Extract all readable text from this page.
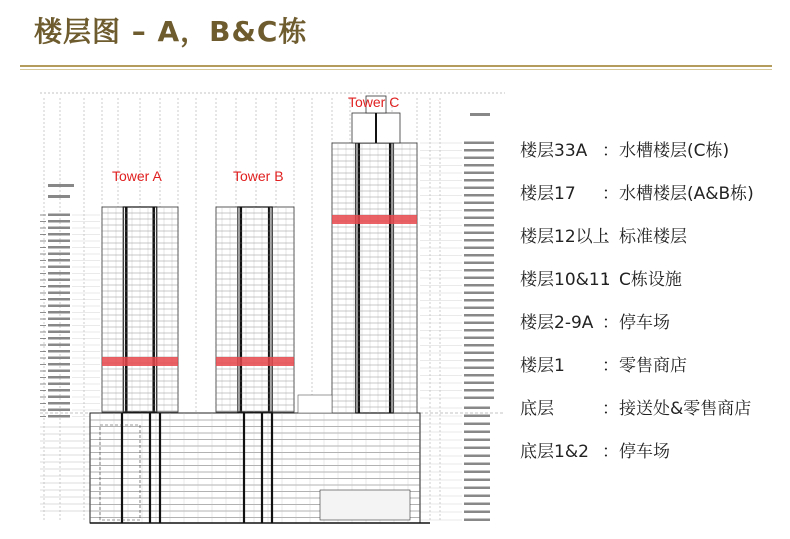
楼层图 – A，B&C栋
Tower A	Tower B
Tower C
楼层33A ：水槽楼层(C栋)
楼层17 ：水槽楼层(A&B栋)
楼层12以上
：标准楼层
楼层10&11
：C栋设施
楼层2-9A ：停车场
楼层1 ：零售商店
底层	：接送处&零售商店
底层1&2 ：停车场
